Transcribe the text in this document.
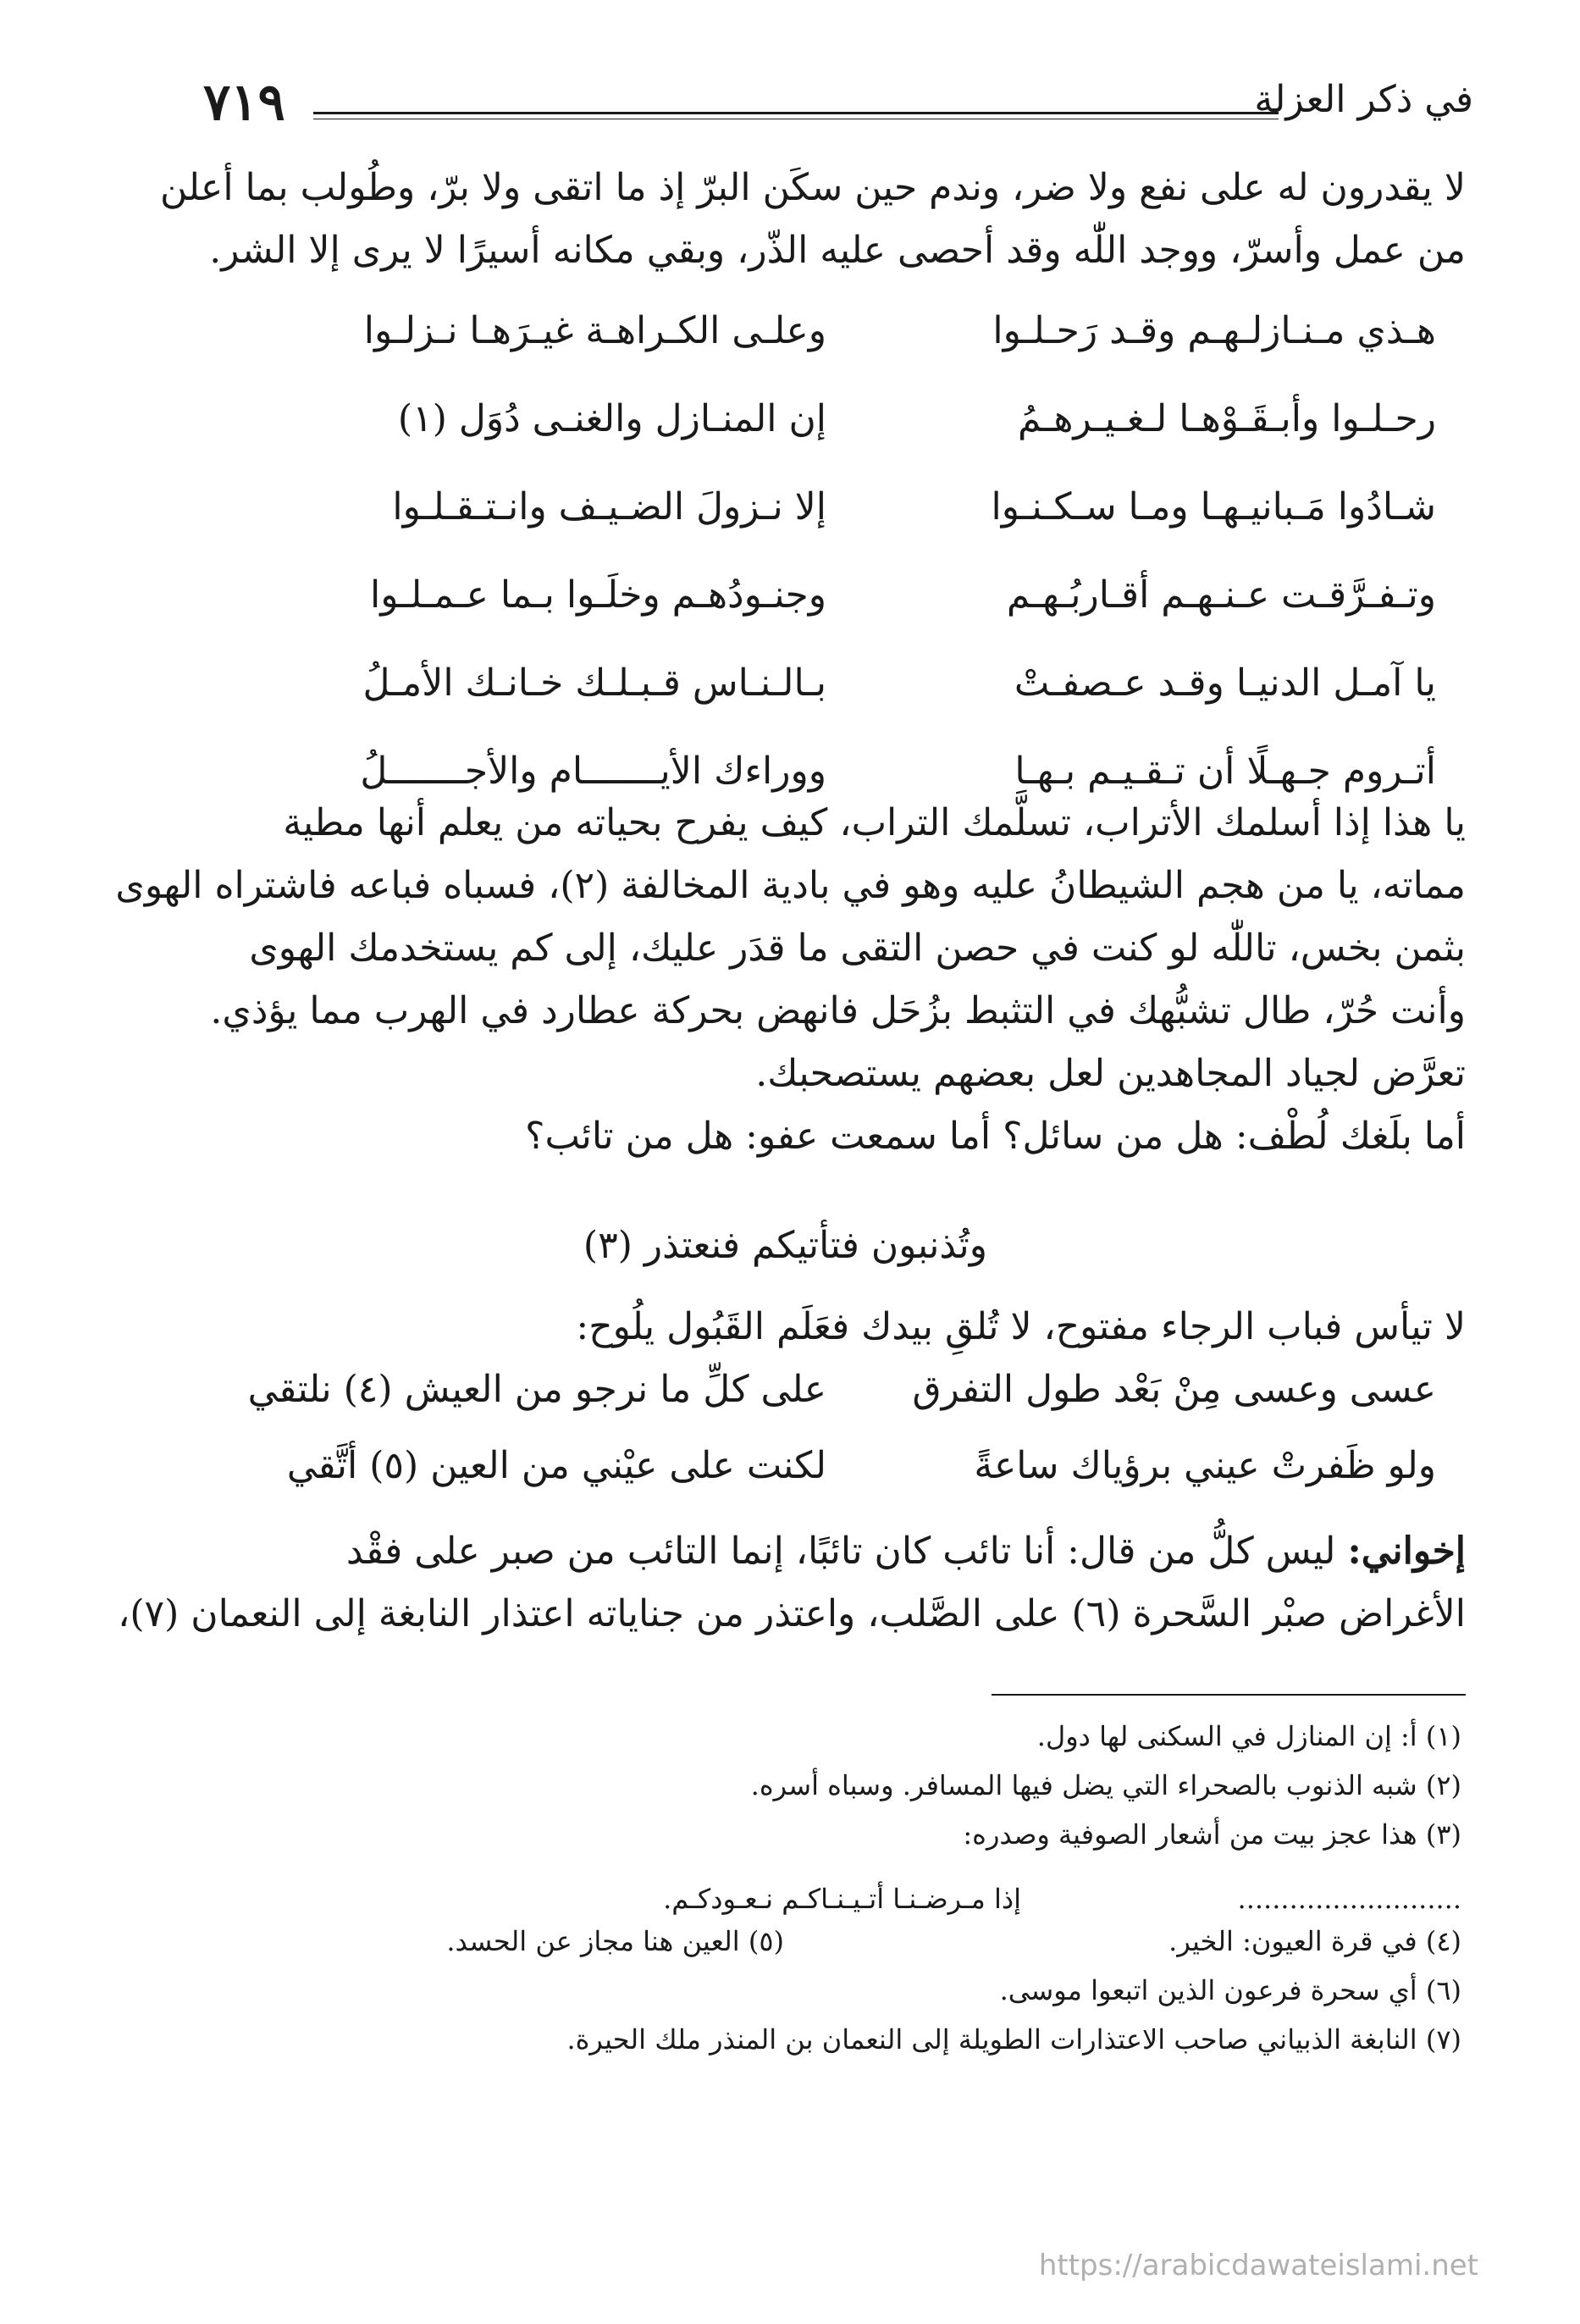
في ذكر العزلة
٧١٩

لا يقدرون له على نفع ولا ضر، وندم حين سكَن البرّ إذ ما اتقى ولا برّ، وطُولب بما أعلن

من عمل وأسرّ، ووجد اللّٰه وقد أحصى عليه الذّر، وبقي مكانه أسيرًا لا يرى إلا الشر.

هـذي مـنـازلـهـم وقـد رَحـلـوا
وعلـى الكـراهـة غيـرَهـا نـزلـوا
رحـلـوا وأبـقَـوْهـا لـغـيـرهـمُ
إن المنـازل والغنـى دُوَل (١)
شـادُوا مَـبانيـهـا ومـا سـكـنـوا
إلا نـزولَ الضـيـف وانـتـقـلـوا
وتـفـرَّقـت عـنـهـم أقـاربُـهـم
وجنـودُهـم وخلَـوا بـما عـمـلـوا
يا آمـل الدنيـا وقـد عـصفـتْ
بـالـنـاس قـبـلـك خـانـك الأمـلُ
أتـروم جـهـلًا أن تـقـيـم بـهـا
ووراءك الأيـــــــام والأجـــــــلُ

يا هذا إذا أسلمك الأتراب، تسلَّمك التراب، كيف يفرح بحياته من يعلم أنها مطية

مماته، يا من هجم الشيطانُ عليه وهو في بادية المخالفة (٢)، فسباه فباعه فاشتراه الهوى

بثمن بخس، تاللّٰه لو كنت في حصن التقى ما قدَر عليك، إلى كم يستخدمك الهوى

وأنت حُرّ، طال تشبُّهك في التثبط بزُحَل فانهض بحركة عطارد في الهرب مما يؤذي.

تعرَّض لجياد المجاهدين لعل بعضهم يستصحبك.

أما بلَغك لُطْف: هل من سائل؟ أما سمعت عفو: هل من تائب؟

وتُذنبون فتأتيكم فنعتذر (٣)

لا تيأس فباب الرجاء مفتوح، لا تُلقِ بيدك فعَلَم القَبُول يلُوح:

عسى وعسى مِنْ بَعْد طول التفرق
على كلِّ ما نرجو من العيش (٤) نلتقي
ولو ظَفرتْ عيني برؤياك ساعةً
لكنت على عيْني من العين (٥) أتَّقي

إخواني: ليس كلُّ من قال: أنا تائب كان تائبًا، إنما التائب من صبر على فقْد

الأغراض صبْر السَّحرة (٦) على الصَّلب، واعتذر من جناياته اعتذار النابغة إلى النعمان (٧)،

(١) أ: إن المنازل في السكنى لها دول.

(٢) شبه الذنوب بالصحراء التي يضل فيها المسافر. وسباه أسره.

(٣) هذا عجز بيت من أشعار الصوفية وصدره:

..........................
إذا مـرضـنـا أتـيـنـاكـم نـعـودكـم.
(٤) في قرة العيون: الخير.
(٥) العين هنا مجاز عن الحسد.

(٦) أي سحرة فرعون الذين اتبعوا موسى.

(٧) النابغة الذبياني صاحب الاعتذارات الطويلة إلى النعمان بن المنذر ملك الحيرة.

https://arabicdawateislami.net
